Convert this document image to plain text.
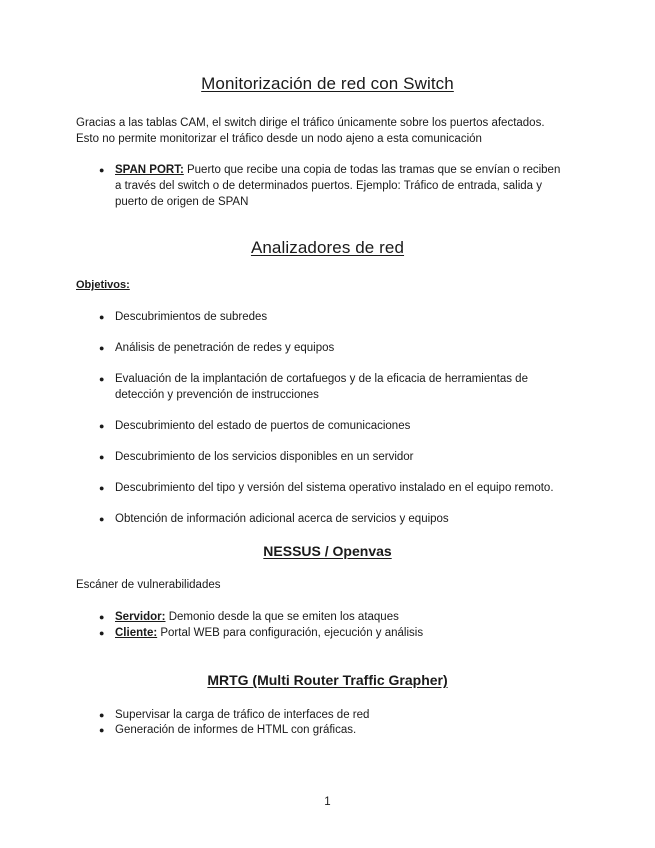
Monitorización de red con Switch
Gracias a las tablas CAM, el switch dirige el tráfico únicamente sobre los puertos afectados.
Esto no permite monitorizar el tráfico desde un nodo ajeno a esta comunicación
● SPAN PORT: Puerto que recibe una copia de todas las tramas que se envían o reciben
a través del switch o de determinados puertos. Ejemplo: Tráfico de entrada, salida y
puerto de origen de SPAN
Analizadores de red
Objetivos:
● Descubrimientos de subredes
● Análisis de penetración de redes y equipos
● Evaluación de la implantación de cortafuegos y de la eficacia de herramientas de
detección y prevención de instrucciones
● Descubrimiento del estado de puertos de comunicaciones
● Descubrimiento de los servicios disponibles en un servidor
● Descubrimiento del tipo y versión del sistema operativo instalado en el equipo remoto.
● Obtención de información adicional acerca de servicios y equipos
NESSUS / Openvas
Escáner de vulnerabilidades
● Servidor: Demonio desde la que se emiten los ataques
● Cliente: Portal WEB para configuración, ejecución y análisis
MRTG (Multi Router Traffic Grapher)
● Supervisar la carga de tráfico de interfaces de red
● Generación de informes de HTML con gráficas.
1
